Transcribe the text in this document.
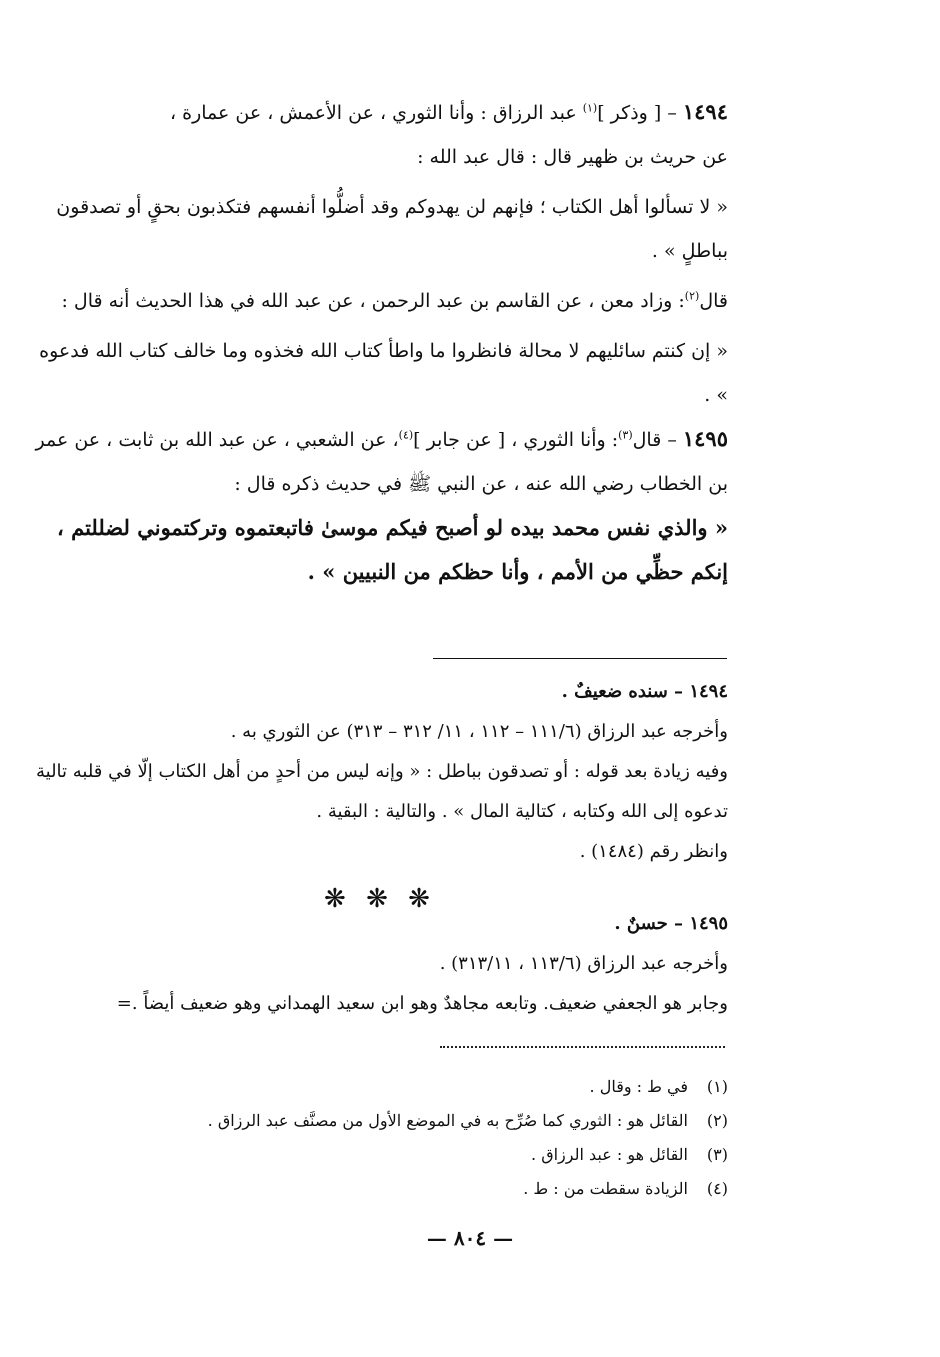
١٤٩٤ – [ وذكر ]$^{(١)}$ عبد الرزاق : وأنا الثوري ، عن الأعمش ، عن عمارة ،
عن حريث بن ظهير قال : قال عبد الله :

« لا تسألوا أهل الكتاب ؛ فإنهم لن يهدوكم وقد أضلُّوا أنفسهم فتكذبون بحقٍ أو تصدقون بباطلٍ » .

قال$^{(٢)}$: وزاد معن ، عن القاسم بن عبد الرحمن ، عن عبد الله في هذا الحديث أنه قال :

« إن كنتم سائليهم لا محالة فانظروا ما واطأ كتاب الله فخذوه وما خالف كتاب الله فدعوه » .

١٤٩٥ – قال$^{(٣)}$: وأنا الثوري ، [ عن جابر ]$^{(٤)}$، عن الشعبي ، عن عبد الله بن ثابت ، عن عمر بن الخطاب رضي الله عنه ، عن النبي ﷺ في حديث ذكره قال :

« والذي نفس محمد بيده لو أصبح فيكم موسىٰ فاتبعتموه وتركتموني لضللتم ، إنكم حظِّي من الأمم ، وأنا حظكم من النبيين » .

١٤٩٤ – سنده ضعيفٌ .

وأخرجه عبد الرزاق (١١١/٦ – ١١٢ ، ١١/ ٣١٢ – ٣١٣) عن الثوري به .

وفيه زيادة بعد قوله : أو تصدقون بباطل : « وإنه ليس من أحدٍ من أهل الكتاب إلّا في قلبه تالية تدعوه إلى الله وكتابه ، كتالية المال » . والتالية : البقية .

وانظر رقم (١٤٨٤) .

❋ ❋ ❋

١٤٩٥ – حسنٌ .

وأخرجه عبد الرزاق (١١٣/٦ ، ٣١٣/١١) .

وجابر هو الجعفي ضعيف. وتابعه مجاهدٌ وهو ابن سعيد الهمداني وهو ضعيف أيضاً .=

(١)في ط : وقال .

(٢)القائل هو : الثوري كما صُرِّح به في الموضع الأول من مصنَّف عبد الرزاق .

(٣)القائل هو : عبد الرزاق .

(٤)الزيادة سقطت من : ط .

— ٨٠٤ —
